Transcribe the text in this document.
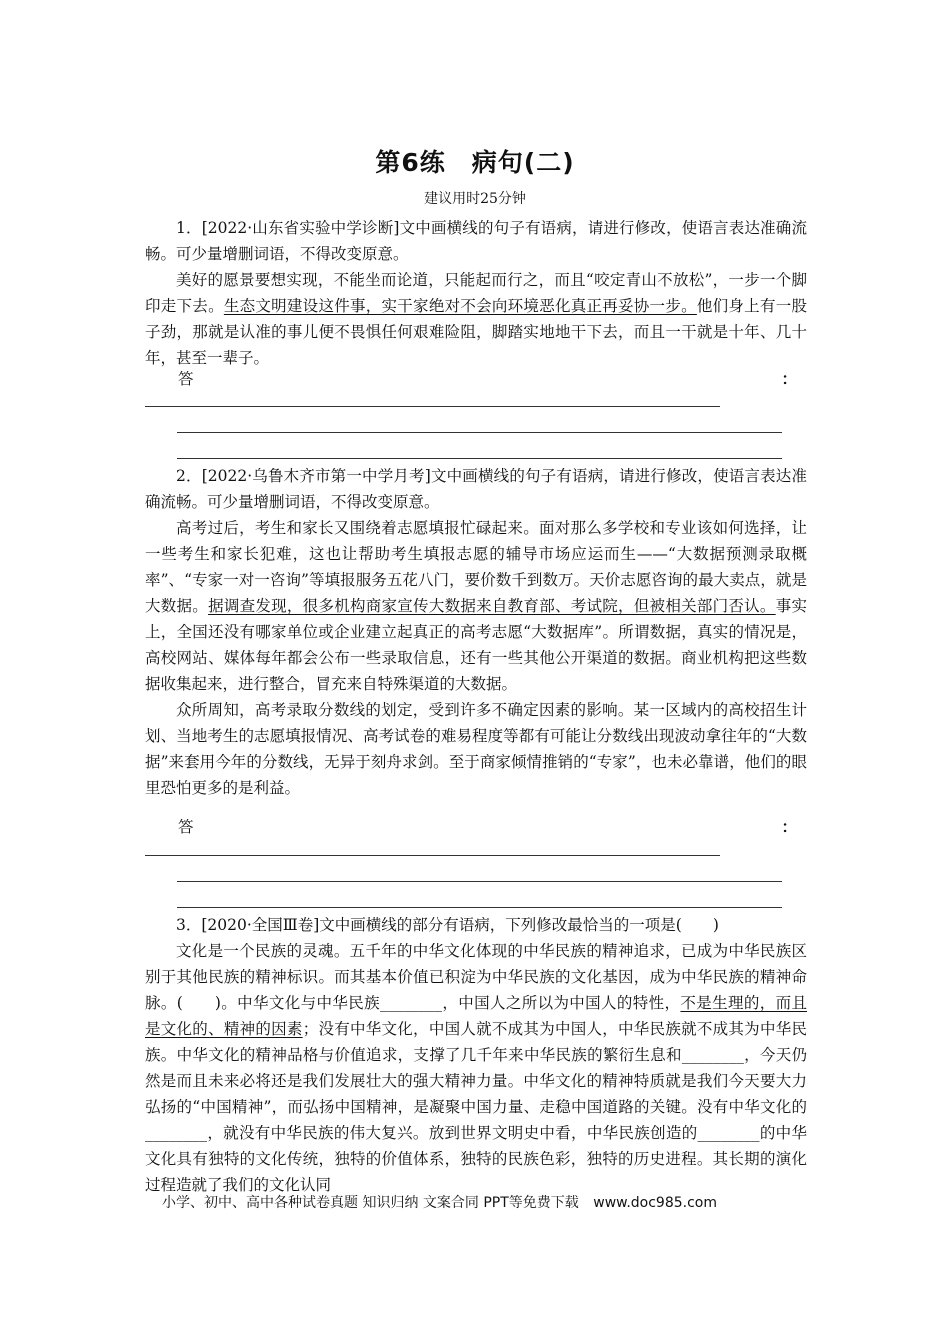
第6练　病句(二)
建议用时25分钟

1．[2022·山东省实验中学诊断]文中画横线的句子有语病，请进行修改，使语言表达准确流畅。可少量增删词语，不得改变原意。

美好的愿景要想实现，不能坐而论道，只能起而行之，而且“咬定青山不放松”，一步一个脚印走下去。生态文明建设这件事，实干家绝对不会向环境恶化真正再妥协一步。他们身上有一股子劲，那就是认准的事儿便不畏惧任何艰难险阻，脚踏实地地干下去，而且一干就是十年、几十年，甚至一辈子。

答	：

2．[2022·乌鲁木齐市第一中学月考]文中画横线的句子有语病，请进行修改，使语言表达准确流畅。可少量增删词语，不得改变原意。

高考过后，考生和家长又围绕着志愿填报忙碌起来。面对那么多学校和专业该如何选择，让一些考生和家长犯难，这也让帮助考生填报志愿的辅导市场应运而生——“大数据预测录取概率”、“专家一对一咨询”等填报服务五花八门，要价数千到数万。天价志愿咨询的最大卖点，就是大数据。据调查发现，很多机构商家宣传大数据来自教育部、考试院，但被相关部门否认。事实上，全国还没有哪家单位或企业建立起真正的高考志愿“大数据库”。所谓数据，真实的情况是，高校网站、媒体每年都会公布一些录取信息，还有一些其他公开渠道的数据。商业机构把这些数据收集起来，进行整合，冒充来自特殊渠道的大数据。

众所周知，高考录取分数线的划定，受到许多不确定因素的影响。某一区域内的高校招生计划、当地考生的志愿填报情况、高考试卷的难易程度等都有可能让分数线出现波动拿往年的“大数据”来套用今年的分数线，无异于刻舟求剑。至于商家倾情推销的“专家”，也未必靠谱，他们的眼里恐怕更多的是利益。

答	：

3．[2020·全国Ⅲ卷]文中画横线的部分有语病，下列修改最恰当的一项是(　　)

文化是一个民族的灵魂。五千年的中华文化体现的中华民族的精神追求，已成为中华民族区别于其他民族的精神标识。而其基本价值已积淀为中华民族的文化基因，成为中华民族的精神命脉。(　　)。中华文化与中华民族________，中国人之所以为中国人的特性，不是生理的，而且是文化的、精神的因素；没有中华文化，中国人就不成其为中国人，中华民族就不成其为中华民族。中华文化的精神品格与价值追求，支撑了几千年来中华民族的繁衍生息和________，今天仍然是而且未来必将还是我们发展壮大的强大精神力量。中华文化的精神特质就是我们今天要大力弘扬的“中国精神”，而弘扬中国精神，是凝聚中国力量、走稳中国道路的关键。没有中华文化的________，就没有中华民族的伟大复兴。放到世界文明史中看，中华民族创造的________的中华文化具有独特的文化传统，独特的价值体系，独特的民族色彩，独特的历史进程。其长期的演化过程造就了我们的文化认同

小学、初中、高中各种试卷真题 知识归纳 文案合同 PPT等免费下载 www.doc985.com
